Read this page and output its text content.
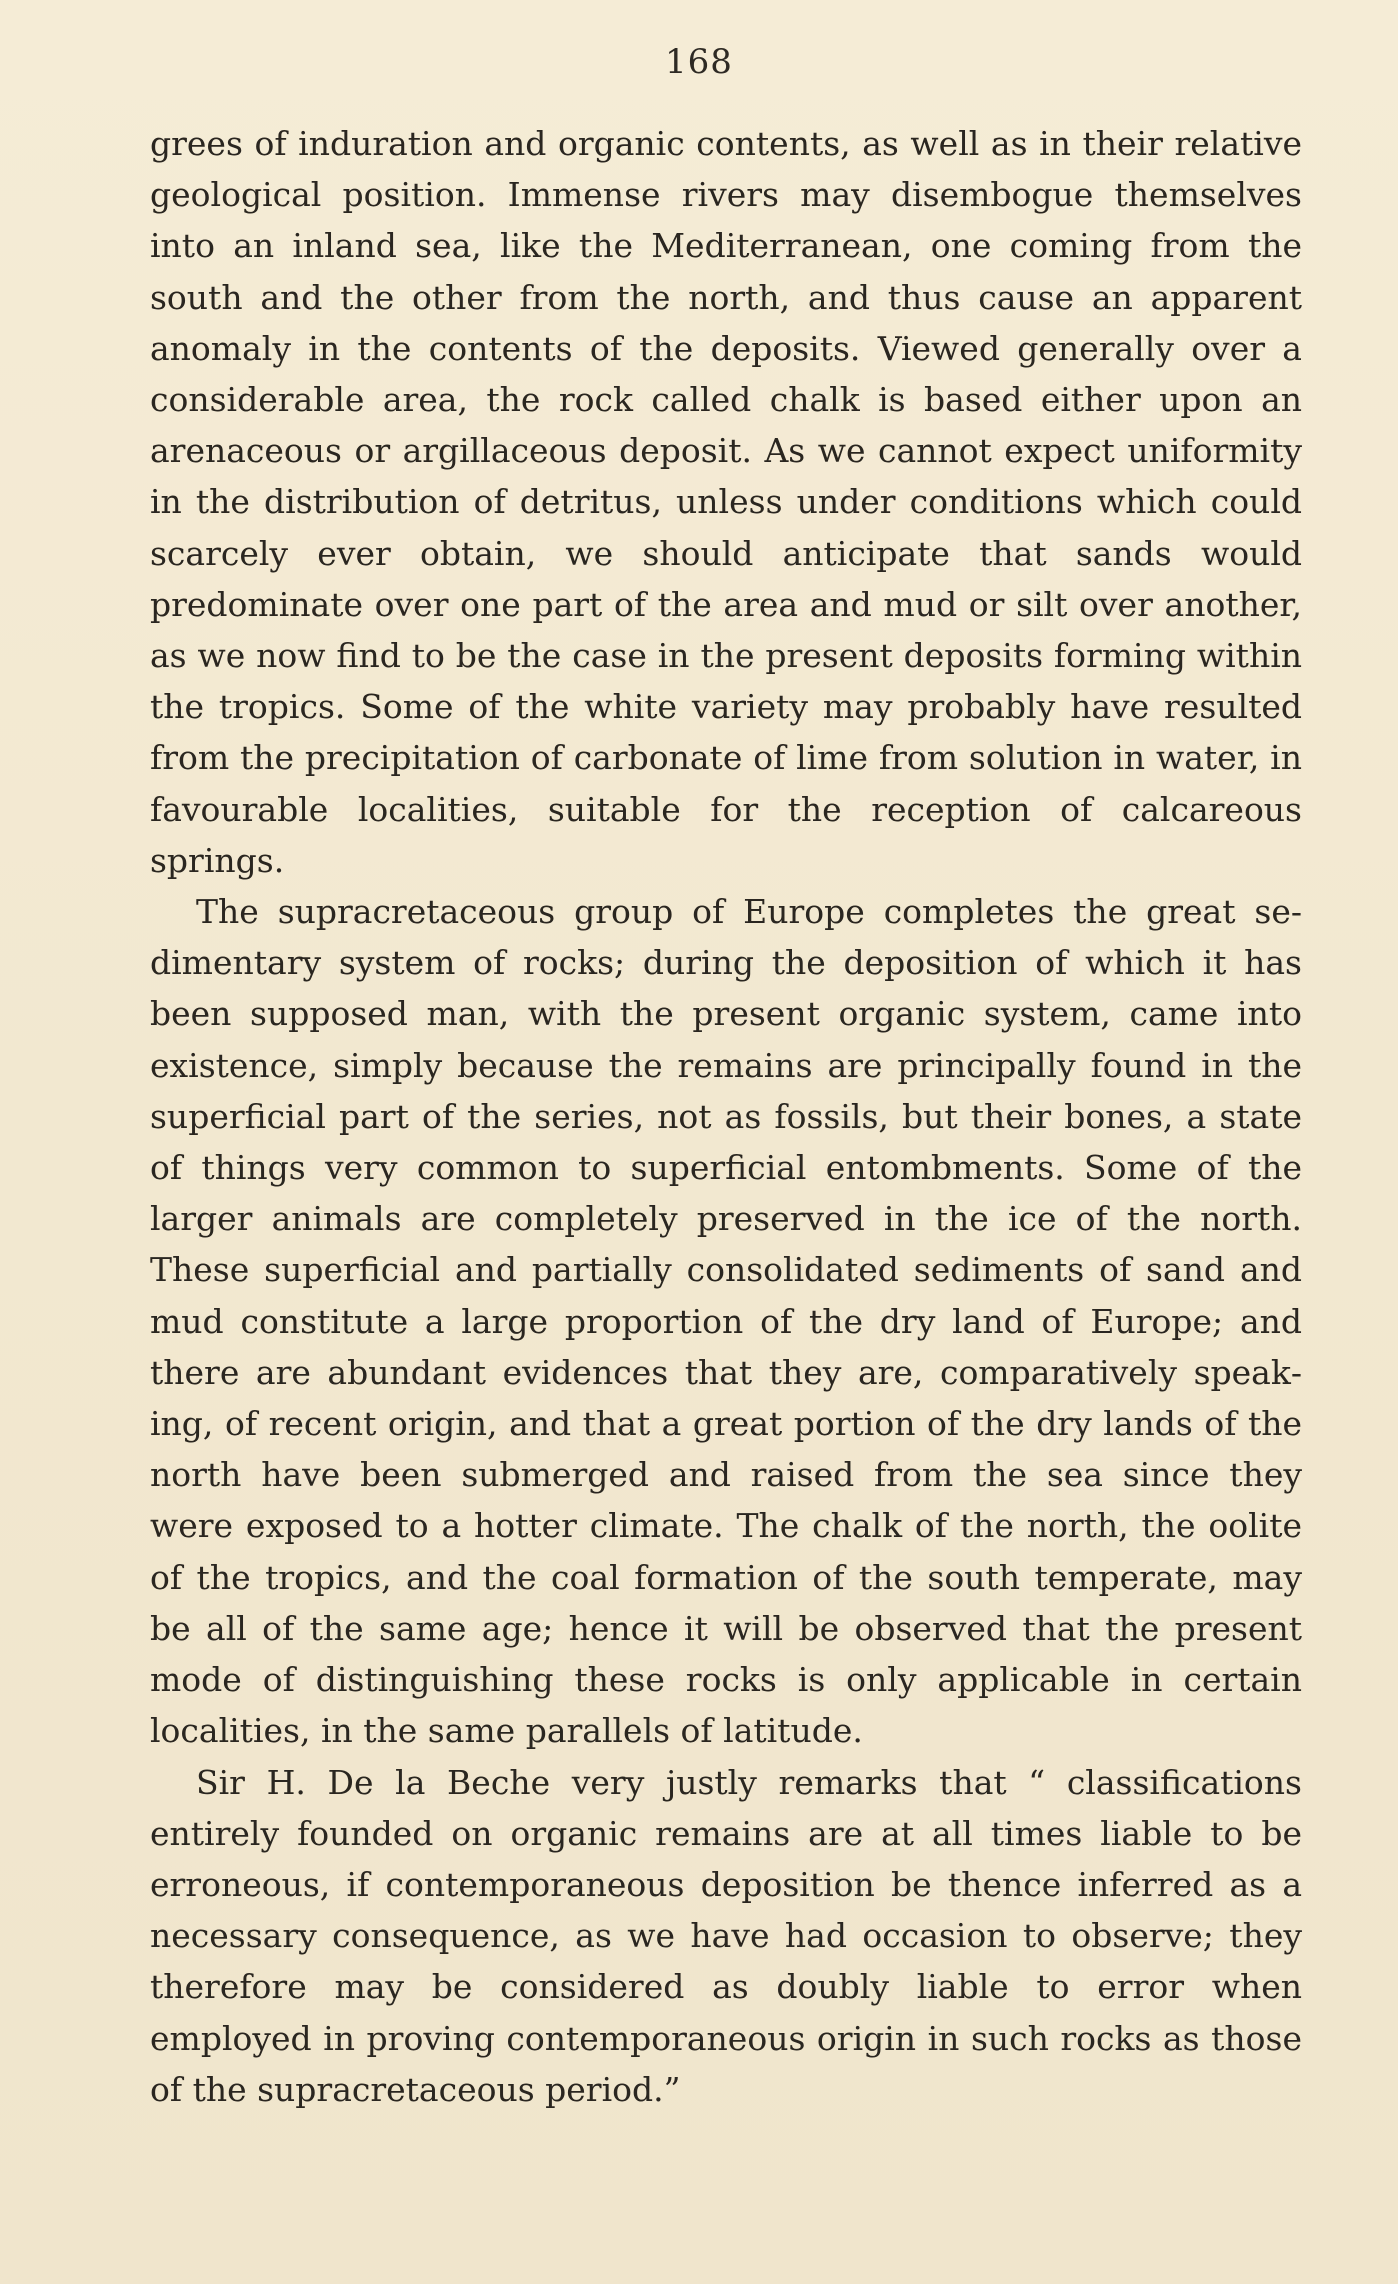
168

grees of induration and organic contents, as well as in their relative geological position. Immense rivers may disembogue themselves into an inland sea, like the Mediterranean, one coming from the south and the other from the north, and thus cause an apparent anomaly in the contents of the deposits. Viewed generally over a considerable area, the rock called chalk is based either upon an arenaceous or argillaceous deposit. As we cannot expect uniformity in the distribution of detritus, unless under conditions which could scarcely ever obtain, we should anticipate that sands would predominate over one part of the area and mud or silt over another, as we now find to be the case in the present deposits forming within the tropics. Some of the white variety may probably have resulted from the precipitation of carbonate of lime from solution in water, in favourable localities, suitable for the reception of calcareous springs.

The supracretaceous group of Europe completes the great sedimentary system of rocks; during the deposition of which it has been supposed man, with the present organic system, came into existence, simply because the remains are principally found in the superficial part of the series, not as fossils, but their bones, a state of things very common to superficial entombments. Some of the larger animals are completely preserved in the ice of the north. These superficial and partially consolidated sediments of sand and mud constitute a large proportion of the dry land of Europe; and there are abundant evidences that they are, comparatively speaking, of recent origin, and that a great portion of the dry lands of the north have been submerged and raised from the sea since they were exposed to a hotter climate. The chalk of the north, the oolite of the tropics, and the coal formation of the south temperate, may be all of the same age; hence it will be observed that the present mode of distinguishing these rocks is only applicable in certain localities, in the same parallels of latitude.

Sir H. De la Beche very justly remarks that “ classifications entirely founded on organic remains are at all times liable to be erroneous, if contemporaneous deposition be thence inferred as a necessary consequence, as we have had occasion to observe; they therefore may be considered as doubly liable to error when employed in proving contemporaneous origin in such rocks as those of the supracretaceous period.”
